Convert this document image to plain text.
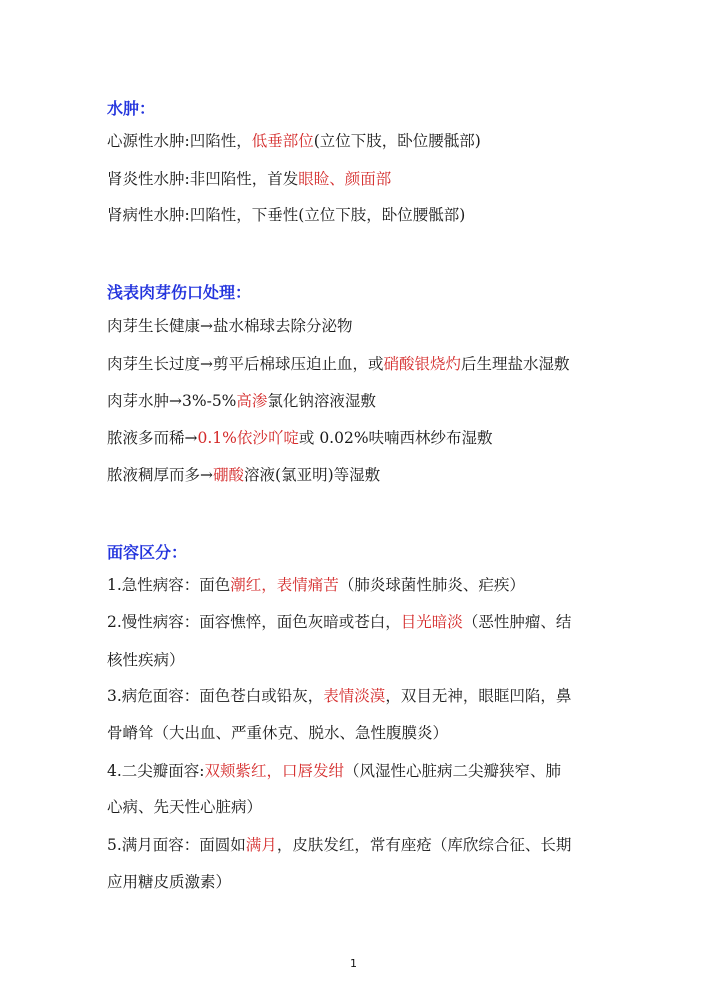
水肿：
心源性水肿:凹陷性，低垂部位(立位下肢，卧位腰骶部)
肾炎性水肿:非凹陷性，首发眼睑、颜面部
肾病性水肿:凹陷性，下垂性(立位下肢，卧位腰骶部)
浅表肉芽伤口处理：
肉芽生长健康→盐水棉球去除分泌物
肉芽生长过度→剪平后棉球压迫止血，或硝酸银烧灼后生理盐水湿敷
肉芽水肿→3%-5%高渗氯化钠溶液湿敷
脓液多而稀→0.1%依沙吖啶或 0.02%呋喃西林纱布湿敷
脓液稠厚而多→硼酸溶液(氯亚明)等湿敷
面容区分：
1.急性病容：面色潮红，表情痛苦（肺炎球菌性肺炎、疟疾）
2.慢性病容：面容憔悴，面色灰暗或苍白，目光暗淡（恶性肿瘤、结
核性疾病）
3.病危面容：面色苍白或铅灰，表情淡漠，双目无神，眼眶凹陷，鼻
骨嵴耸（大出血、严重休克、脱水、急性腹膜炎）
4.二尖瓣面容:双颊紫红，口唇发绀（风湿性心脏病二尖瓣狭窄、肺
心病、先天性心脏病）
5.满月面容：面圆如满月，皮肤发红，常有座疮（库欣综合征、长期
应用糖皮质激素）
1
